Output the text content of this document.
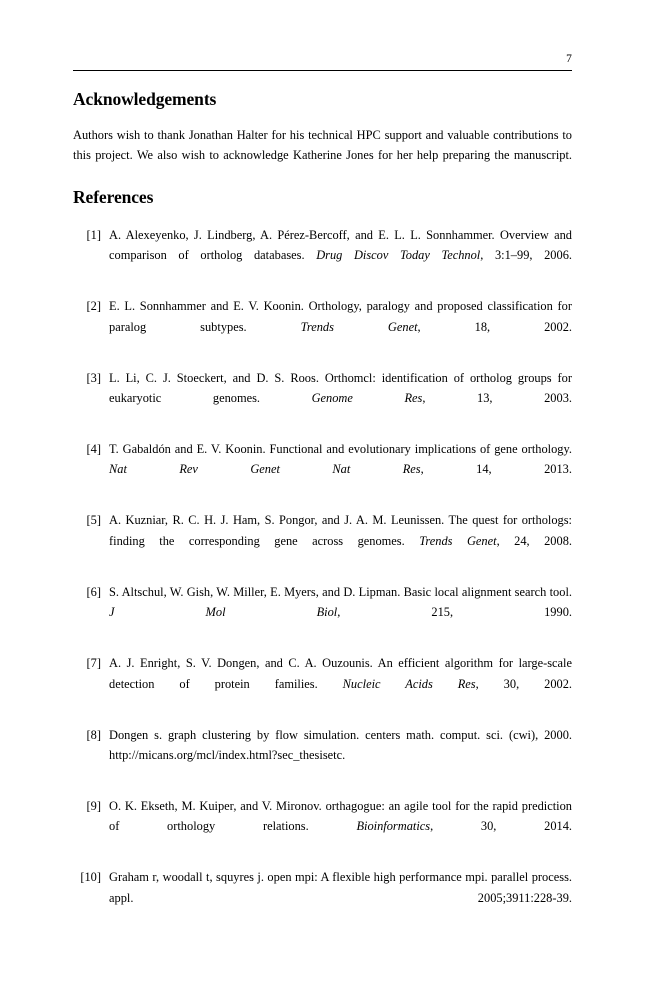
7
Acknowledgements

Authors wish to thank Jonathan Halter for his technical HPC support and valuable contributions to this project. We also wish to acknowledge Katherine Jones for her help preparing the manuscript.

References
[1] A. Alexeyenko, J. Lindberg, A. Pérez-Bercoff, and E. L. L. Sonnhammer. Overview and comparison of ortholog databases. Drug Discov Today Technol, 3:1–99, 2006.
[2] E. L. Sonnhammer and E. V. Koonin. Orthology, paralogy and proposed classification for paralog subtypes. Trends Genet, 18, 2002.
[3] L. Li, C. J. Stoeckert, and D. S. Roos. Orthomcl: identification of ortholog groups for eukaryotic genomes. Genome Res, 13, 2003.
[4] T. Gabaldón and E. V. Koonin. Functional and evolutionary implications of gene orthology. Nat Rev Genet Nat Res, 14, 2013.
[5] A. Kuzniar, R. C. H. J. Ham, S. Pongor, and J. A. M. Leunissen. The quest for orthologs: finding the corresponding gene across genomes. Trends Genet, 24, 2008.
[6] S. Altschul, W. Gish, W. Miller, E. Myers, and D. Lipman. Basic local alignment search tool. J Mol Biol, 215, 1990.
[7] A. J. Enright, S. V. Dongen, and C. A. Ouzounis. An efficient algorithm for large-scale detection of protein families. Nucleic Acids Res, 30, 2002.
[8] Dongen s. graph clustering by flow simulation. centers math. comput. sci. (cwi), 2000. http://micans.org/mcl/index.html?sec_thesisetc.
[9] O. K. Ekseth, M. Kuiper, and V. Mironov. orthagogue: an agile tool for the rapid prediction of orthology relations. Bioinformatics, 30, 2014.
[10] Graham r, woodall t, squyres j. open mpi: A flexible high performance mpi. parallel process. appl. 2005;3911:228-39.
